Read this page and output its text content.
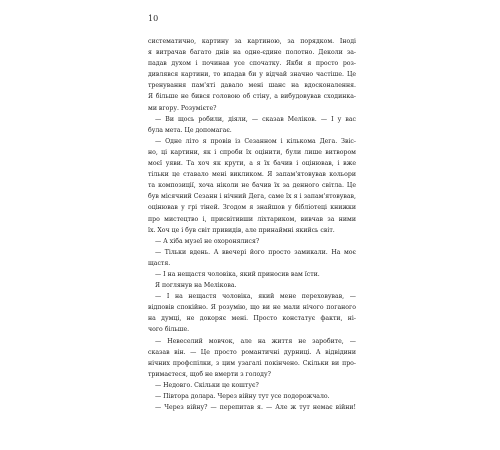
10

систематично, картину за картиною, за порядком. Іноді
я витрачав багато днів на одне-єдине полотно. Деколи за-
падав духом і починав усе спочатку. Якби я просто роз-
дивлявся картини, то впадав би у відчай значно частіше. Це
тренування пам'яті давало мені шанс на вдосконалення.
Я більше не бився головою об стіну, а вибудовував сходинка-
ми вгору. Розумієте?
— Ви щось робили, діяли, — сказав Меліков. — І у вас
була мета. Це допомагає.
— Одне літо я провів із Сезанном і кількома Дега. Звіс-
но, ці картини, як і спроби їх оцінити, були лише витвором
моєї уяви. Та хоч як крути, а я їх бачив і оцінював, і вже
тільки це ставало мені викликом. Я запам'ятовував кольори
та композиції, хоча ніколи не бачив їх за денного світла. Це
був місячний Сезанн і нічний Дега, саме їх я і запам'ятовував,
оцінював у грі тіней. Згодом я знайшов у бібліотеці книжки
про мистецтво і, присвітивши ліхтариком, вивчав за ними
їх. Хоч це і був світ привидів, але принаймні якийсь світ.
— А хіба музеї не охоронялися?
— Тільки вдень. А ввечері його просто замикали. На моє
щастя.
— І на нещастя чоловіка, який приносив вам їсти.
Я поглянув на Мелікова.
— І на нещастя чоловіка, який мене переховував, —
відповів спокійно. Я розумію, що ви не мали нічого поганого
на думці, не докоряє мені. Просто констатує факти, ні-
чого більше.
— Невеселий мовчок, але на життя не заробите, —
сказав він. — Це просто романтичні дурниці. А відвідини
нічних профспілки, з цим узагалі покінчено. Скільки ви про-
тримаєтеся, щоб не вмерти з голоду?
— Недовго. Скільки це коштує?
— Півтора долара. Через війну тут усе подорожчало.
— Через війну? — перепитав я. — Але ж тут немає війни!
